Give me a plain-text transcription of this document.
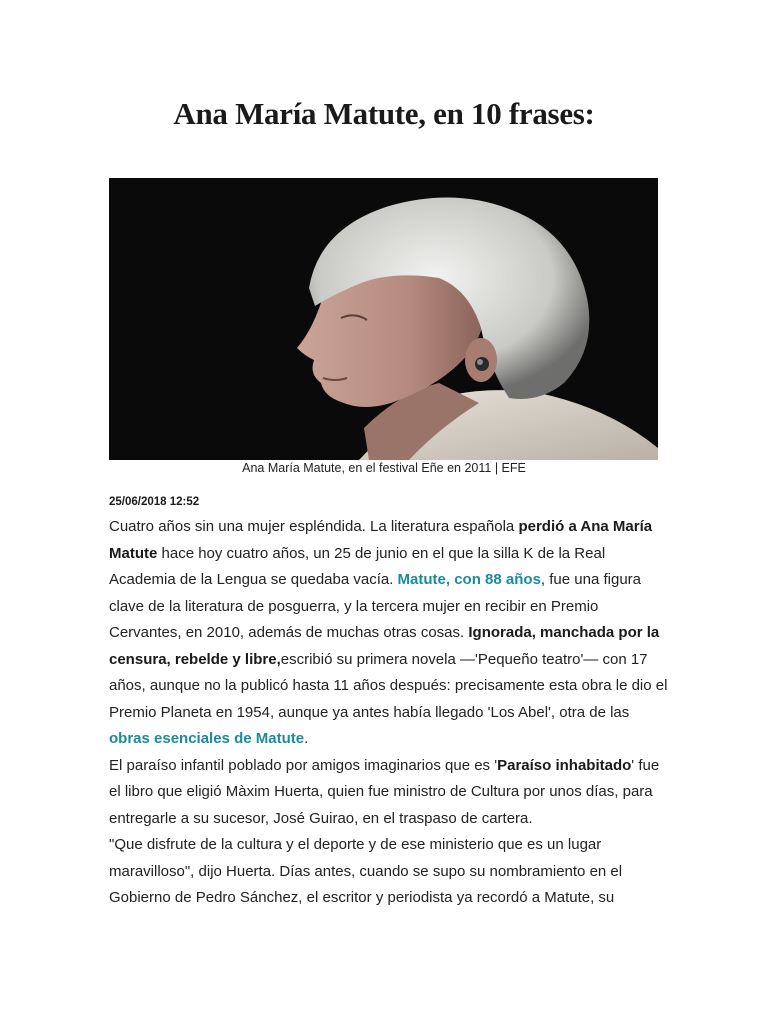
Ana María Matute, en 10 frases:
Ana María Matute, en el festival Eñe en 2011 | EFE
25/06/2018 12:52

Cuatro años sin una mujer espléndida. La literatura española perdió a Ana María Matute hace hoy cuatro años, un 25 de junio en el que la silla K de la Real Academia de la Lengua se quedaba vacía. Matute, con 88 años, fue una figura clave de la literatura de posguerra, y la tercera mujer en recibir en Premio Cervantes, en 2010, además de muchas otras cosas. Ignorada, manchada por la censura, rebelde y libre,escribió su primera novela —'Pequeño teatro'— con 17 años, aunque no la publicó hasta 11 años después: precisamente esta obra le dio el Premio Planeta en 1954, aunque ya antes había llegado 'Los Abel', otra de las obras esenciales de Matute.

El paraíso infantil poblado por amigos imaginarios que es 'Paraíso inhabitado' fue el libro que eligió Màxim Huerta, quien fue ministro de Cultura por unos días, para entregarle a su sucesor, José Guirao, en el traspaso de cartera.

"Que disfrute de la cultura y el deporte y de ese ministerio que es un lugar maravilloso", dijo Huerta. Días antes, cuando se supo su nombramiento en el Gobierno de Pedro Sánchez, el escritor y periodista ya recordó a Matute, su
